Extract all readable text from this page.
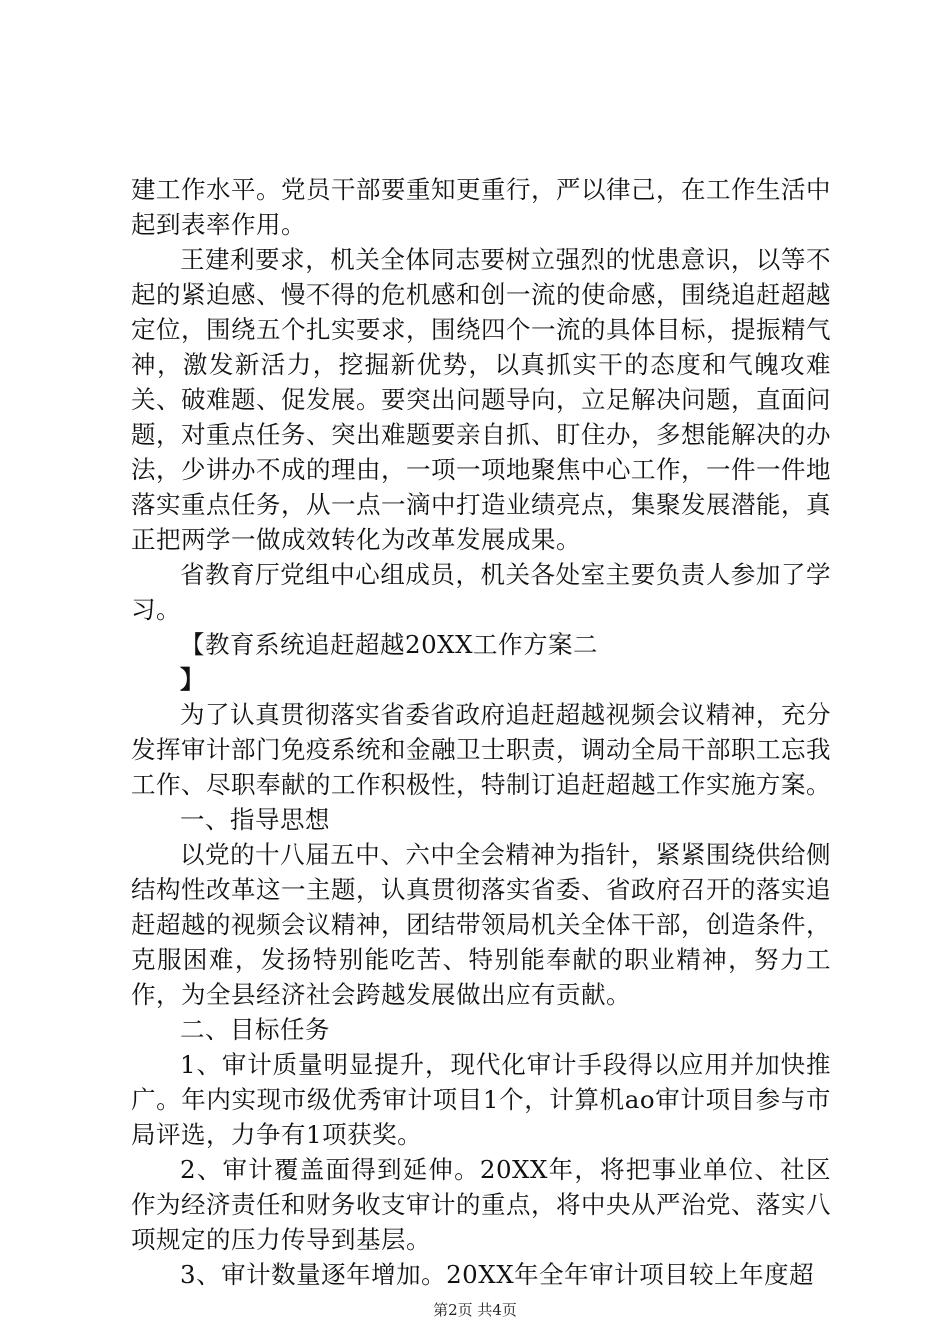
建工作水平。党员干部要重知更重行，严以律己，在工作生活中起到表率作用。

王建利要求，机关全体同志要树立强烈的忧患意识，以等不起的紧迫感、慢不得的危机感和创一流的使命感，围绕追赶超越定位，围绕五个扎实要求，围绕四个一流的具体目标，提振精气神，激发新活力，挖掘新优势，以真抓实干的态度和气魄攻难关、破难题、促发展。要突出问题导向，立足解决问题，直面问题，对重点任务、突出难题要亲自抓、盯住办，多想能解决的办法，少讲办不成的理由，一项一项地聚焦中心工作，一件一件地落实重点任务，从一点一滴中打造业绩亮点，集聚发展潜能，真正把两学一做成效转化为改革发展成果。

省教育厅党组中心组成员，机关各处室主要负责人参加了学习。

【教育系统追赶超越20XX工作方案二

】

为了认真贯彻落实省委省政府追赶超越视频会议精神，充分发挥审计部门免疫系统和金融卫士职责，调动全局干部职工忘我工作、尽职奉献的工作积极性，特制订追赶超越工作实施方案。

一、指导思想

以党的十八届五中、六中全会精神为指针，紧紧围绕供给侧结构性改革这一主题，认真贯彻落实省委、省政府召开的落实追赶超越的视频会议精神，团结带领局机关全体干部，创造条件，克服困难，发扬特别能吃苦、特别能奉献的职业精神，努力工作，为全县经济社会跨越发展做出应有贡献。

二、目标任务

1、审计质量明显提升，现代化审计手段得以应用并加快推广。年内实现市级优秀审计项目1个，计算机ao审计项目参与市局评选，力争有1项获奖。

2、审计覆盖面得到延伸。20XX年，将把事业单位、社区作为经济责任和财务收支审计的重点，将中央从严治党、落实八项规定的压力传导到基层。

3、审计数量逐年增加。20XX年全年审计项目较上年度超

第2页 共4页
